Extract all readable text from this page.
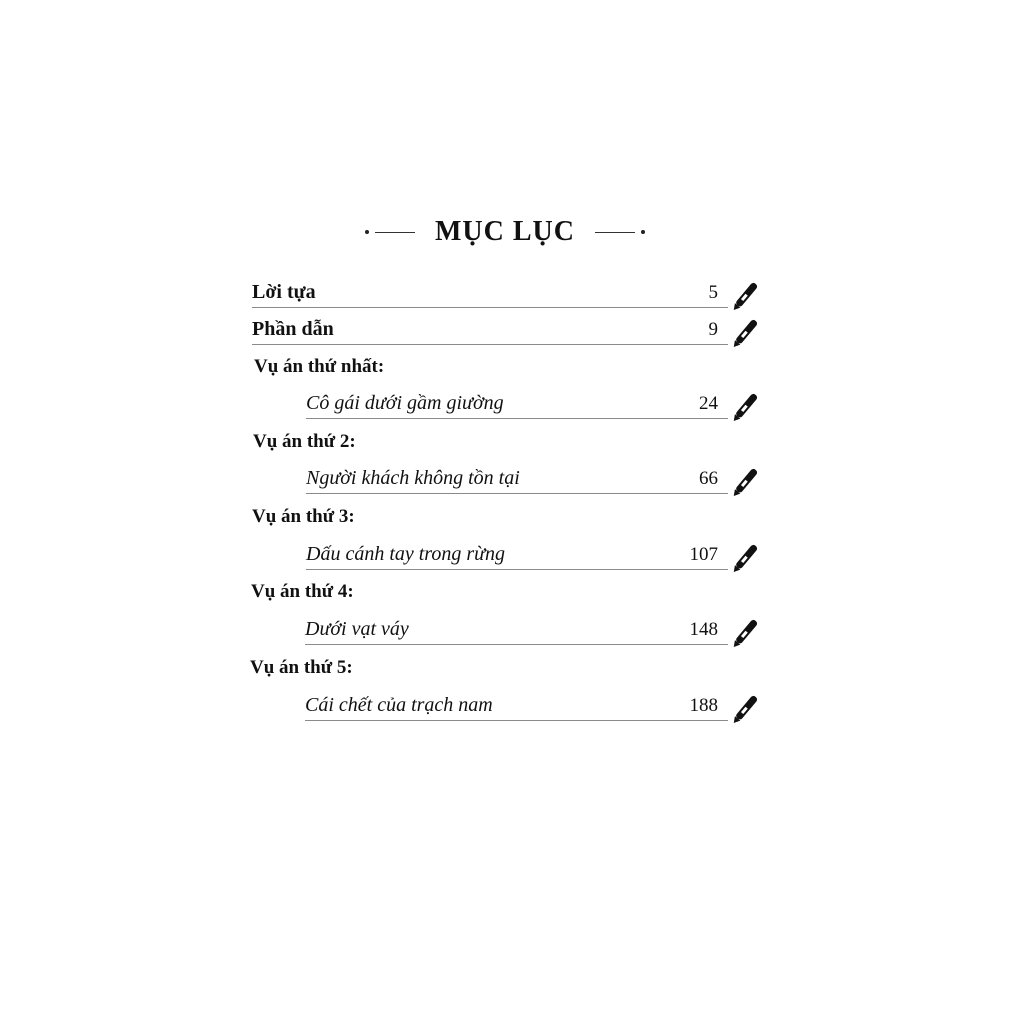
MỤC LỤC
Lời tựa	5
Phần dẫn	9
Vụ án thứ nhất:
Cô gái dưới gầm giường	24
Vụ án thứ 2:
Người khách không tồn tại	66
Vụ án thứ 3:
Dấu cánh tay trong rừng	107
Vụ án thứ 4:
Dưới vạt váy	148
Vụ án thứ 5:
Cái chết của trạch nam	188
